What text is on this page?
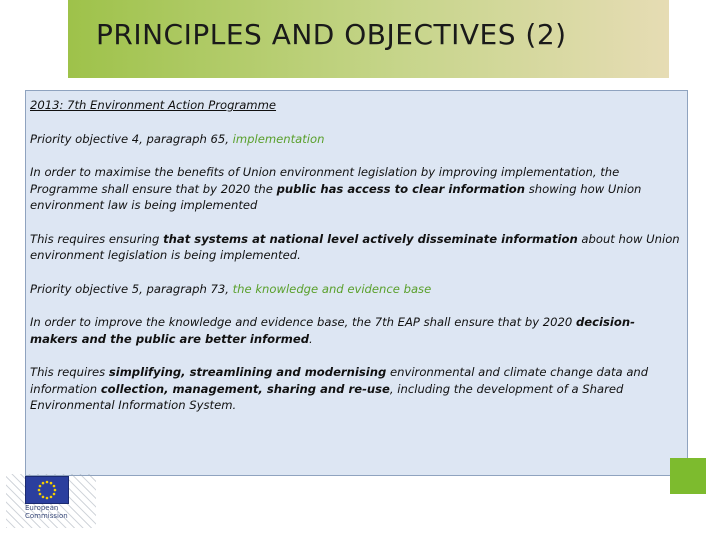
PRINCIPLES AND OBJECTIVES (2)

2013: 7th Environment Action Programme

Priority objective 4, paragraph 65, implementation

In order to maximise the benefits of Union environment legislation by improving implementation, the Programme shall ensure that by 2020 the public has access to clear information showing how Union environment law is being implemented

This requires ensuring that systems at national level actively disseminate information about how Union environment legislation is being implemented.

Priority objective 5, paragraph 73, the knowledge and evidence base

In order to improve the knowledge and evidence base, the 7th EAP shall ensure that by 2020 decision-makers and the public are better informed.

This requires simplifying, streamlining and modernising environmental and climate change data and information collection, management, sharing and re-use, including the development of a Shared Environmental Information System.

European
Commission
